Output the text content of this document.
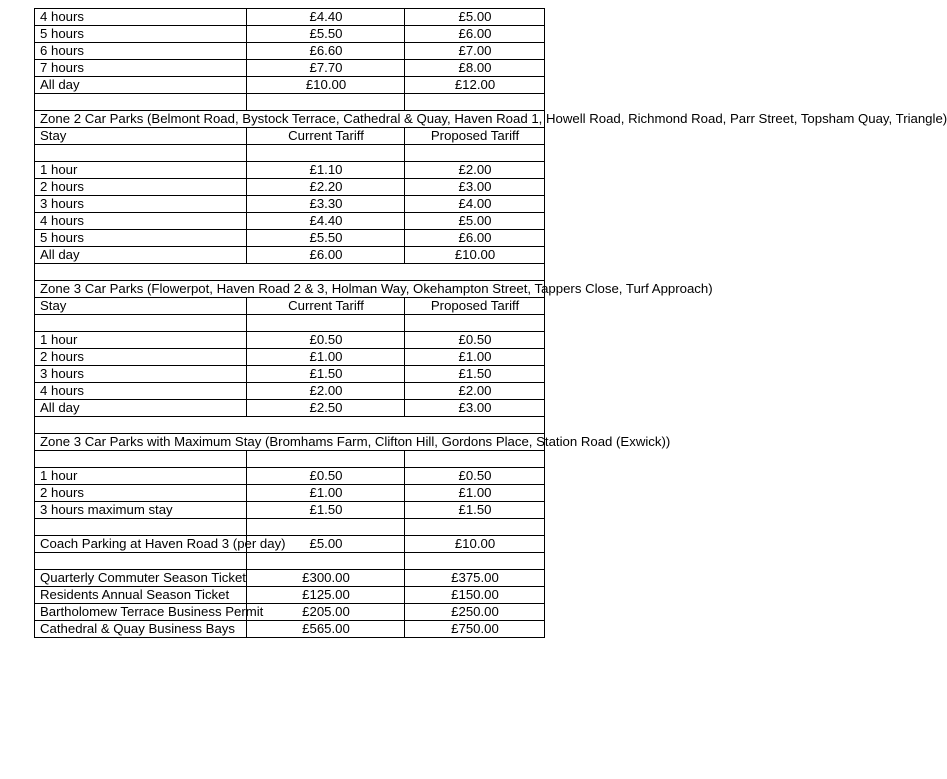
4 hours	£4.40	£5.00
5 hours	£5.50	£6.00
6 hours	£6.60	£7.00
7 hours	£7.70	£8.00
All day	£10.00	£12.00

Zone 2 Car Parks (Belmont Road, Bystock Terrace, Cathedral & Quay, Haven Road 1, Howell Road, Richmond Road, Parr Street, Topsham Quay, Triangle)		
Stay	Current Tariff	Proposed Tariff

1 hour	£1.10	£2.00
2 hours	£2.20	£3.00
3 hours	£3.30	£4.00
4 hours	£4.40	£5.00
5 hours	£5.50	£6.00
All day	£6.00	£10.00

Zone 3 Car Parks (Flowerpot, Haven Road 2 & 3, Holman Way, Okehampton Street, Tappers Close, Turf Approach)		
Stay	Current Tariff	Proposed Tariff

1 hour	£0.50	£0.50
2 hours	£1.00	£1.00
3 hours	£1.50	£1.50
4 hours	£2.00	£2.00
All day	£2.50	£3.00

Zone 3 Car Parks with Maximum Stay (Bromhams Farm, Clifton Hill, Gordons Place, Station Road (Exwick))		

1 hour	£0.50	£0.50
2 hours	£1.00	£1.00
3 hours maximum stay	£1.50	£1.50

Coach Parking at Haven Road 3 (per day)	£5.00	£10.00

Quarterly Commuter Season Ticket	£300.00	£375.00
Residents Annual Season Ticket	£125.00	£150.00
Bartholomew Terrace Business Permit	£205.00	£250.00
Cathedral & Quay Business Bays	£565.00	£750.00
